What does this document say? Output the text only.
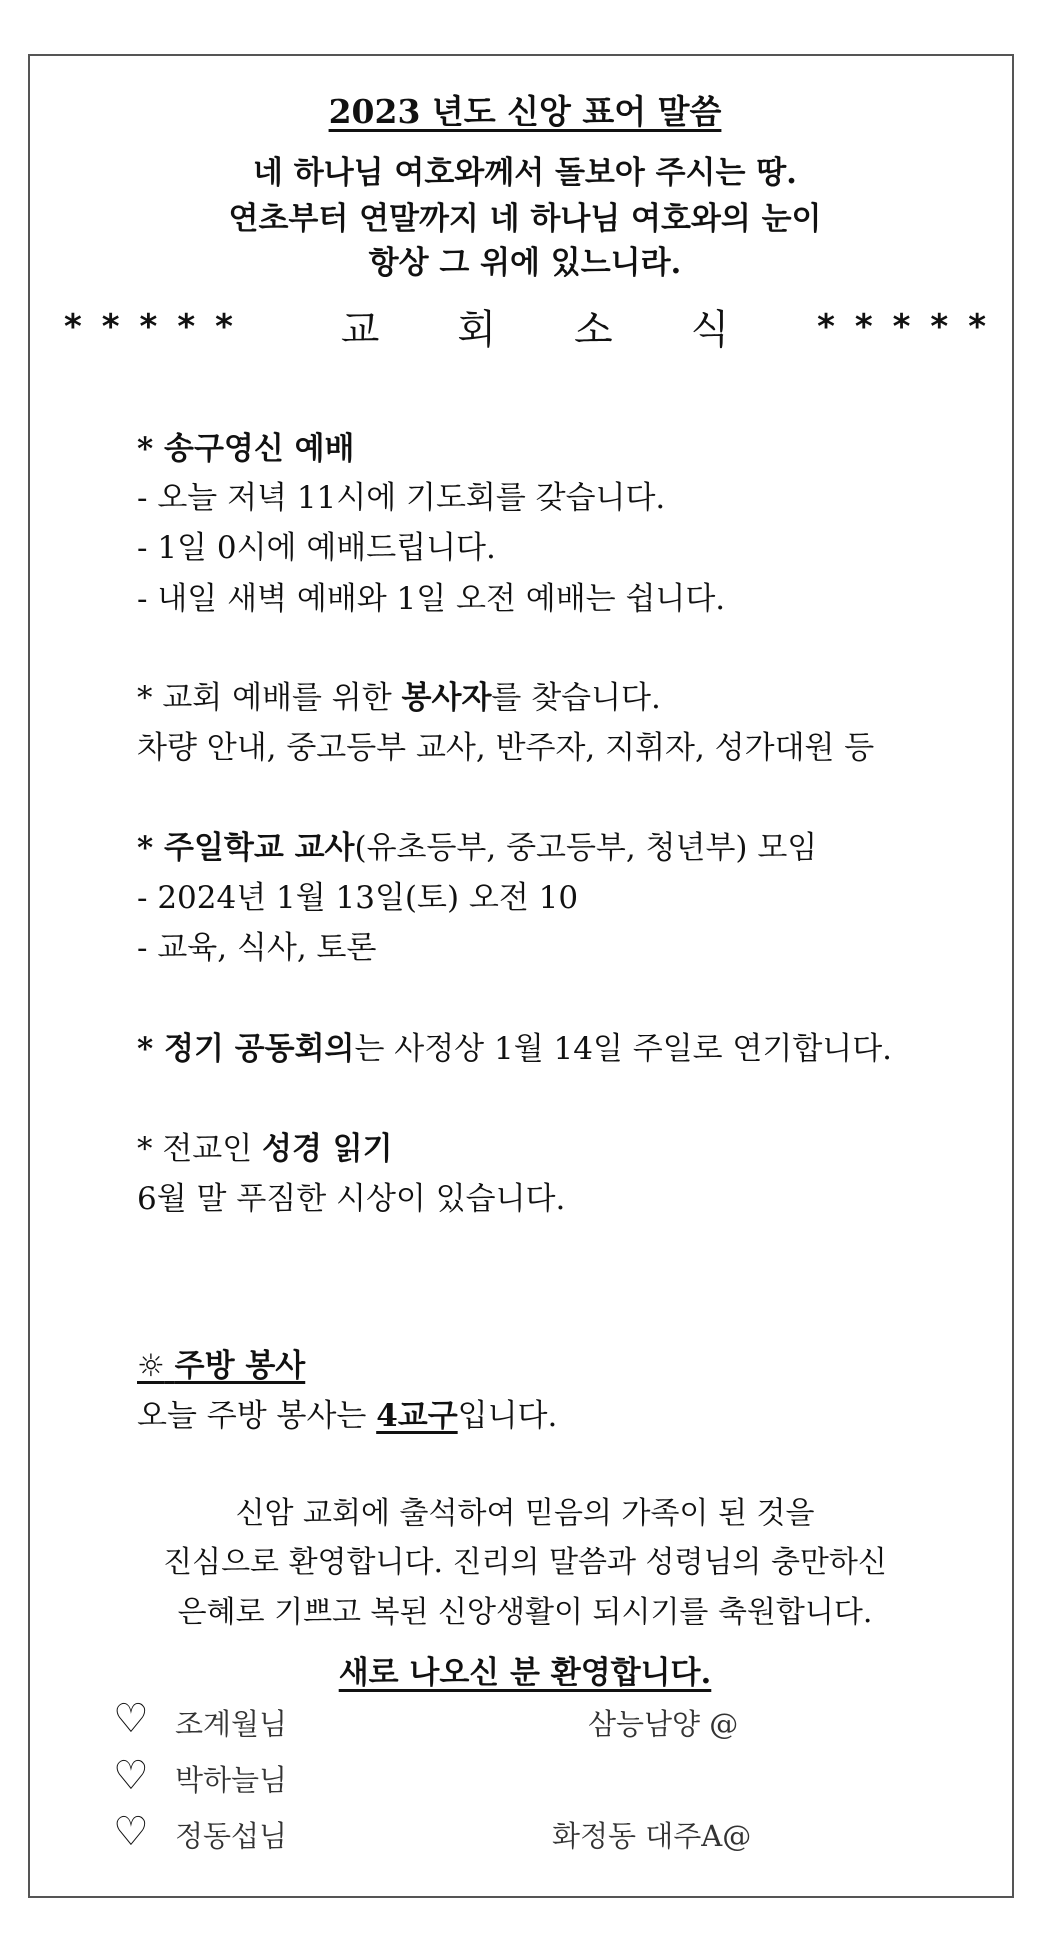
2023 년도 신앙 표어 말씀
네 하나님 여호와께서 돌보아 주시는 땅.
연초부터 연말까지 네 하나님 여호와의 눈이
항상 그 위에 있느니라.
***** 교 회 소 식	*****
* 송구영신 예배
- 오늘 저녁 11시에 기도회를 갖습니다.
- 1일 0시에 예배드립니다.
- 내일 새벽 예배와 1일 오전 예배는 쉽니다.
* 교회 예배를 위한 봉사자를 찾습니다.
차량 안내, 중고등부 교사, 반주자, 지휘자, 성가대원 등
* 주일학교 교사(유초등부, 중고등부, 청년부) 모임
- 2024년 1월 13일(토) 오전 10
- 교육, 식사, 토론
* 정기 공동회의는 사정상 1월 14일 주일로 연기합니다.
* 전교인 성경 읽기
6월 말 푸짐한 시상이 있습니다.
☼ 주방 봉사
오늘 주방 봉사는 4교구입니다.
신암 교회에 출석하여 믿음의 가족이 된 것을
진심으로 환영합니다. 진리의 말씀과 성령님의 충만하신
은혜로 기쁘고 복된 신앙생활이 되시기를 축원합니다.
새로 나오신 분 환영합니다.
♡ 조계월님	삼능남양 @
♡ 박하늘님
♡ 정동섭님	화정동 대주A@
